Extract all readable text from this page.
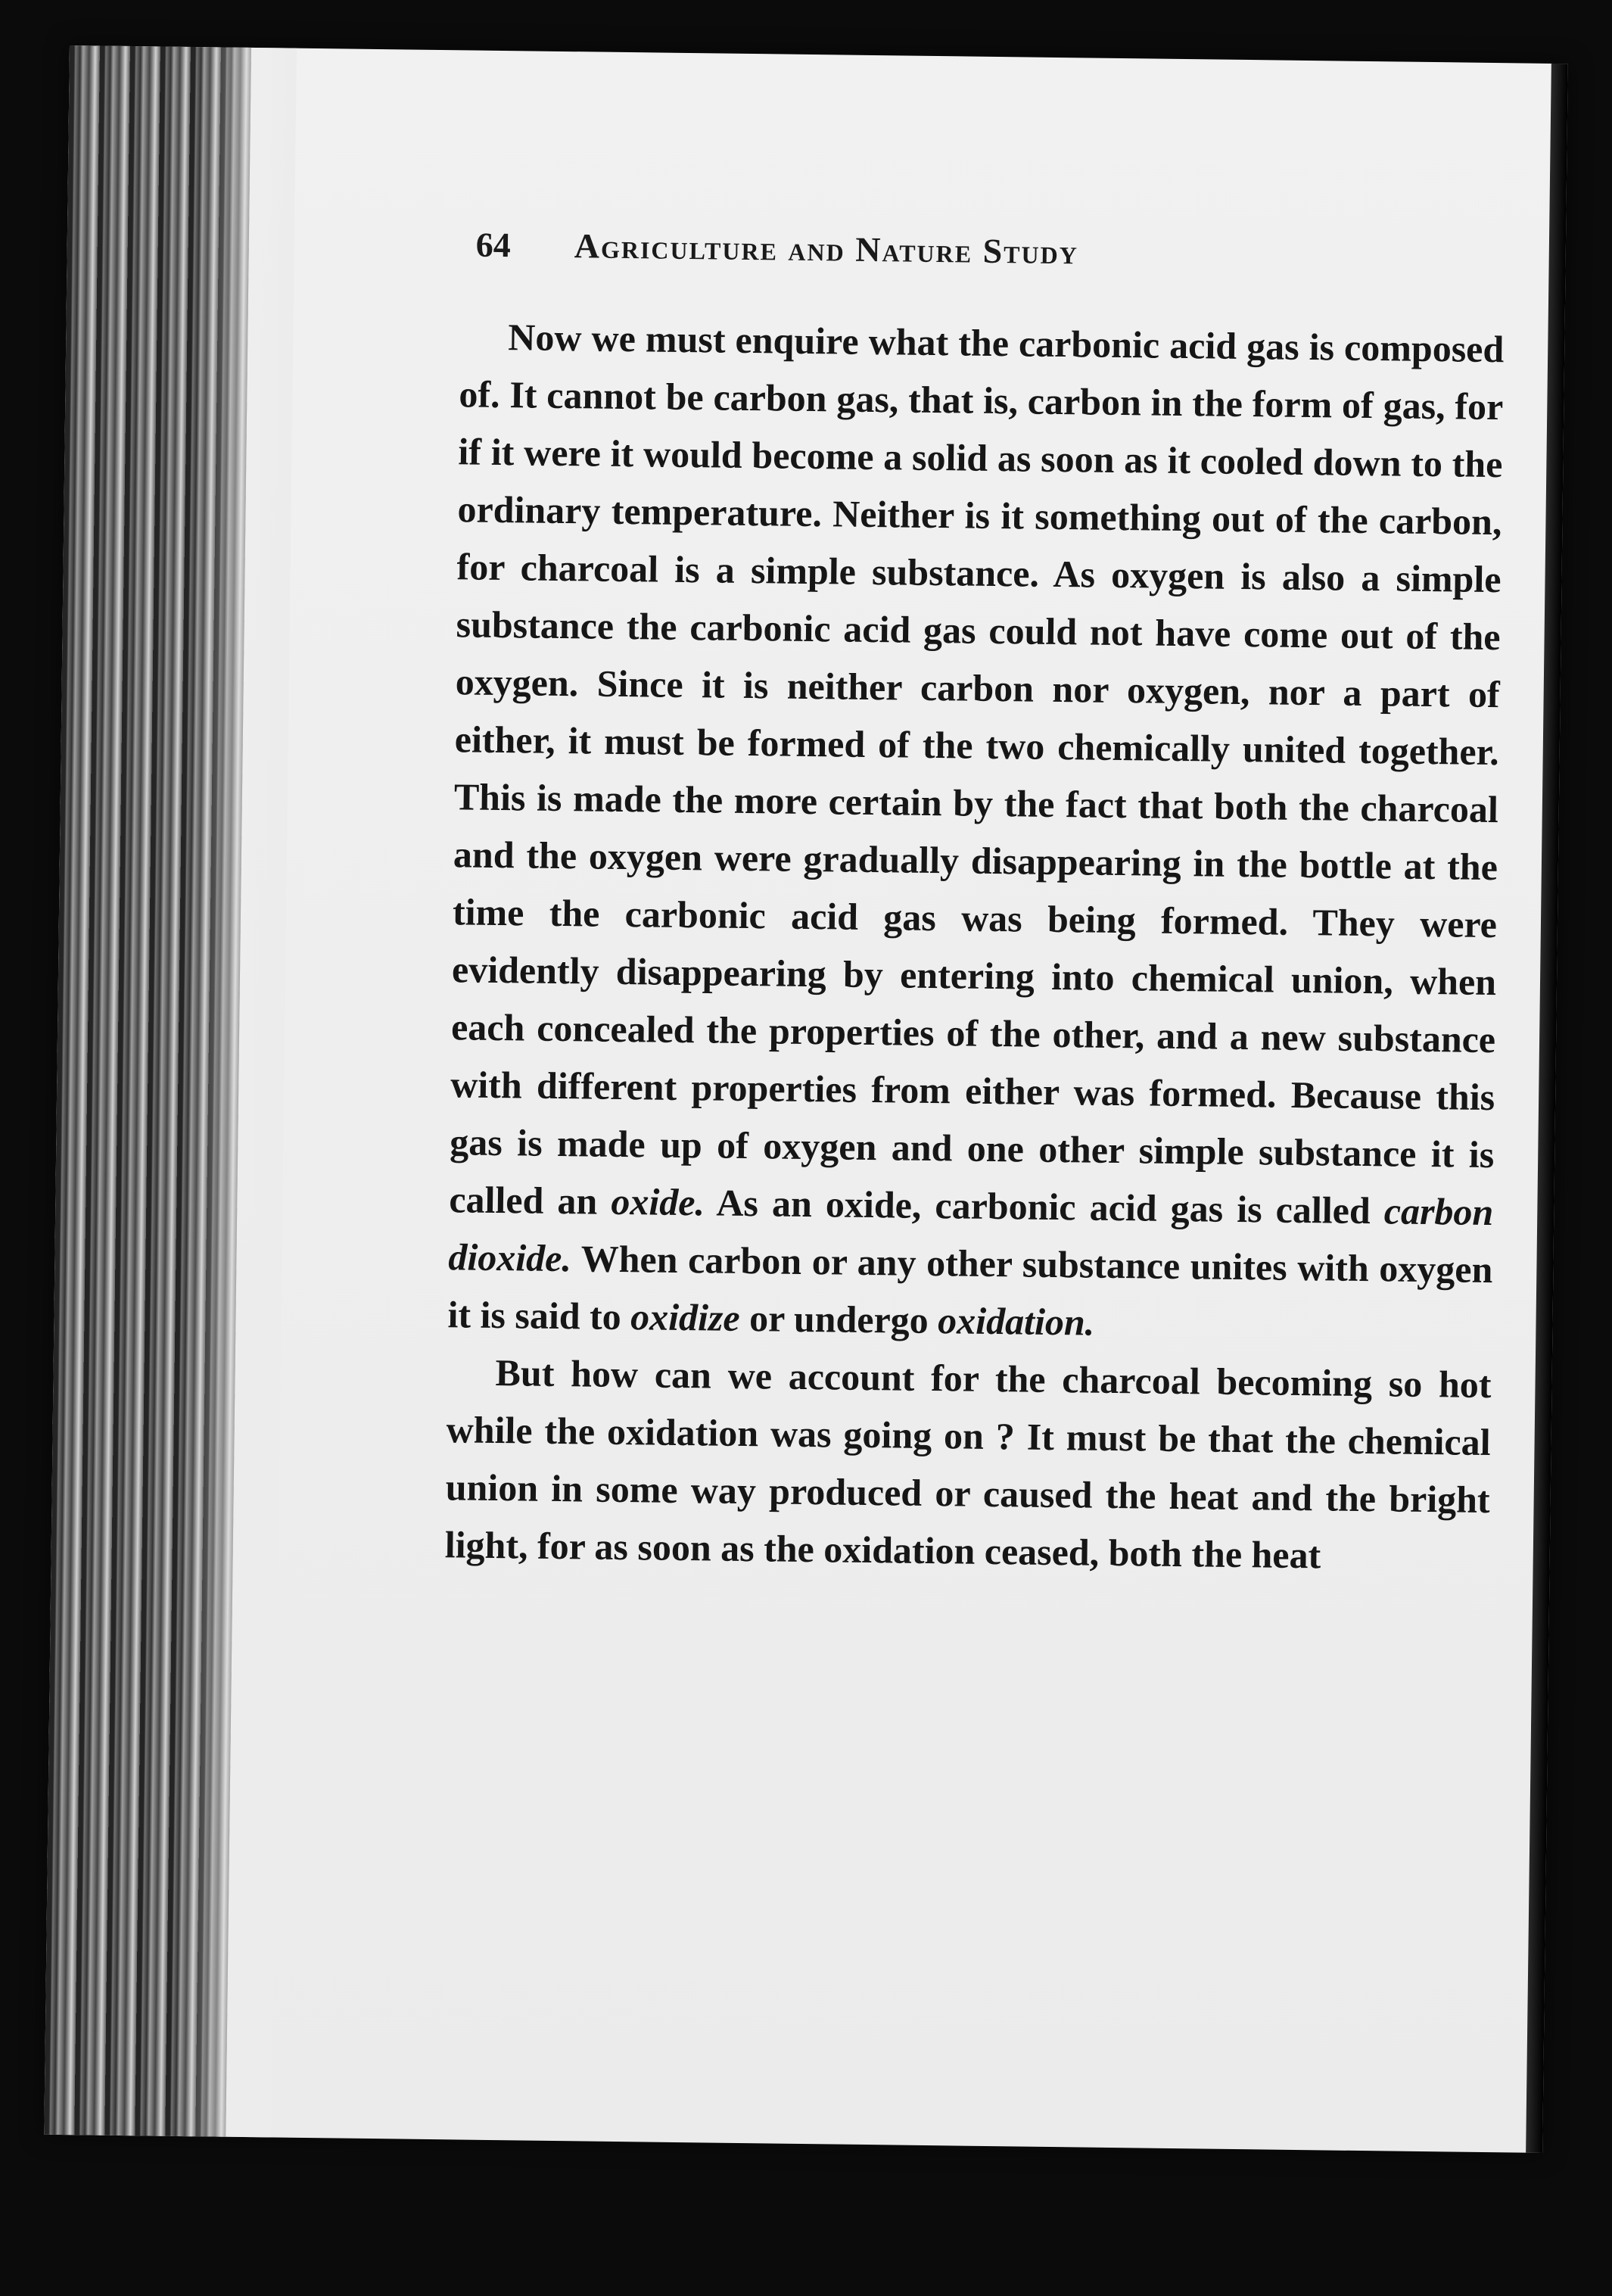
64	Agriculture and Nature Study

Now we must enquire what the carbonic acid gas is composed of. It cannot be carbon gas, that is, carbon in the form of gas, for if it were it would become a solid as soon as it cooled down to the ordinary temperature. Neither is it something out of the carbon, for charcoal is a simple substance. As oxygen is also a simple substance the carbonic acid gas could not have come out of the oxygen. Since it is neither carbon nor oxygen, nor a part of either, it must be formed of the two chemically united together. This is made the more certain by the fact that both the charcoal and the oxygen were gradually disappearing in the bottle at the time the carbonic acid gas was being formed. They were evidently disappearing by entering into chemical union, when each concealed the properties of the other, and a new substance with different properties from either was formed. Because this gas is made up of oxygen and one other simple substance it is called an oxide. As an oxide, carbonic acid gas is called carbon dioxide. When carbon or any other substance unites with oxygen it is said to oxidize or undergo oxidation.

But how can we account for the charcoal becoming so hot while the oxidation was going on ? It must be that the chemical union in some way produced or caused the heat and the bright light, for as soon as the oxidation ceased, both the heat
